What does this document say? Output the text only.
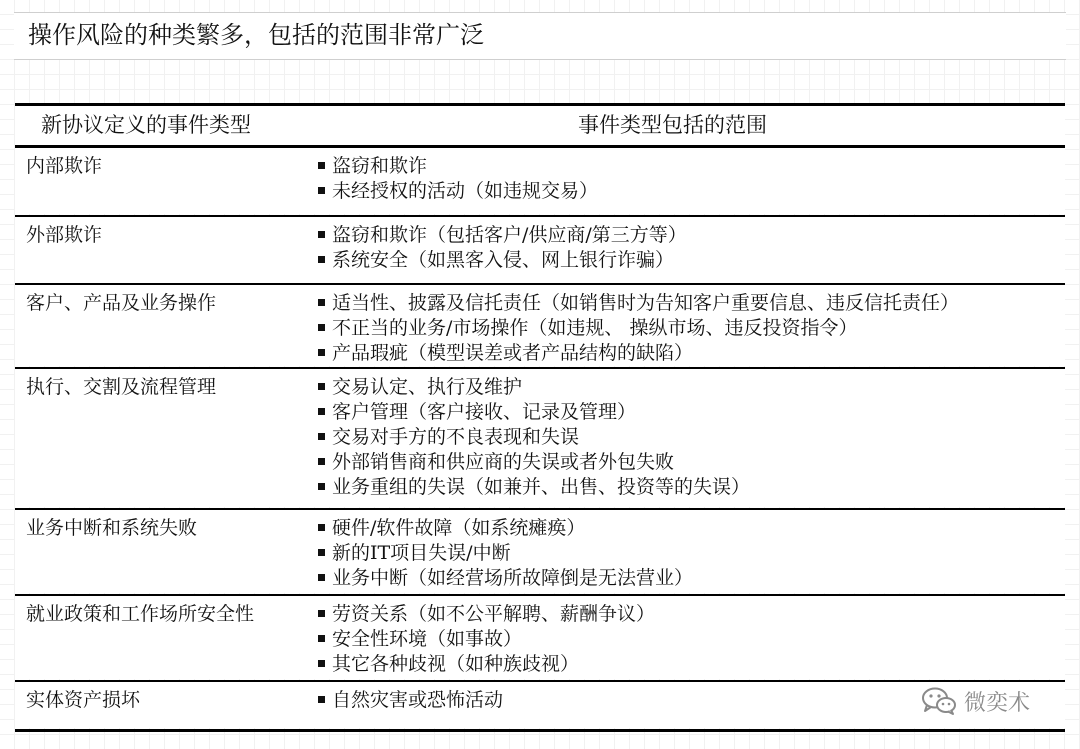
操作风险的种类繁多，包括的范围非常广泛
新协议定义的事件类型	事件类型包括的范围
内部欺诈	盗窃和欺诈
未经授权的活动（如违规交易）
外部欺诈	盗窃和欺诈（包括客户/供应商/第三方等）
系统安全（如黑客入侵、网上银行诈骗）
客户、产品及业务操作	适当性、披露及信托责任（如销售时为告知客户重要信息、违反信托责任）
不正当的业务/市场操作（如违规、 操纵市场、违反投资指令）
产品瑕疵（模型误差或者产品结构的缺陷）
执行、交割及流程管理	交易认定、执行及维护
客户管理（客户接收、记录及管理）
交易对手方的不良表现和失误
外部销售商和供应商的失误或者外包失败
业务重组的失误（如兼并、出售、投资等的失误）
业务中断和系统失败	硬件/软件故障（如系统瘫痪）
新的IT项目失误/中断
业务中断（如经营场所故障倒是无法营业）
就业政策和工作场所安全性	劳资关系（如不公平解聘、薪酬争议）
安全性环境（如事故）
其它各种歧视（如种族歧视）
实体资产损坏	自然灾害或恐怖活动	微奕术
